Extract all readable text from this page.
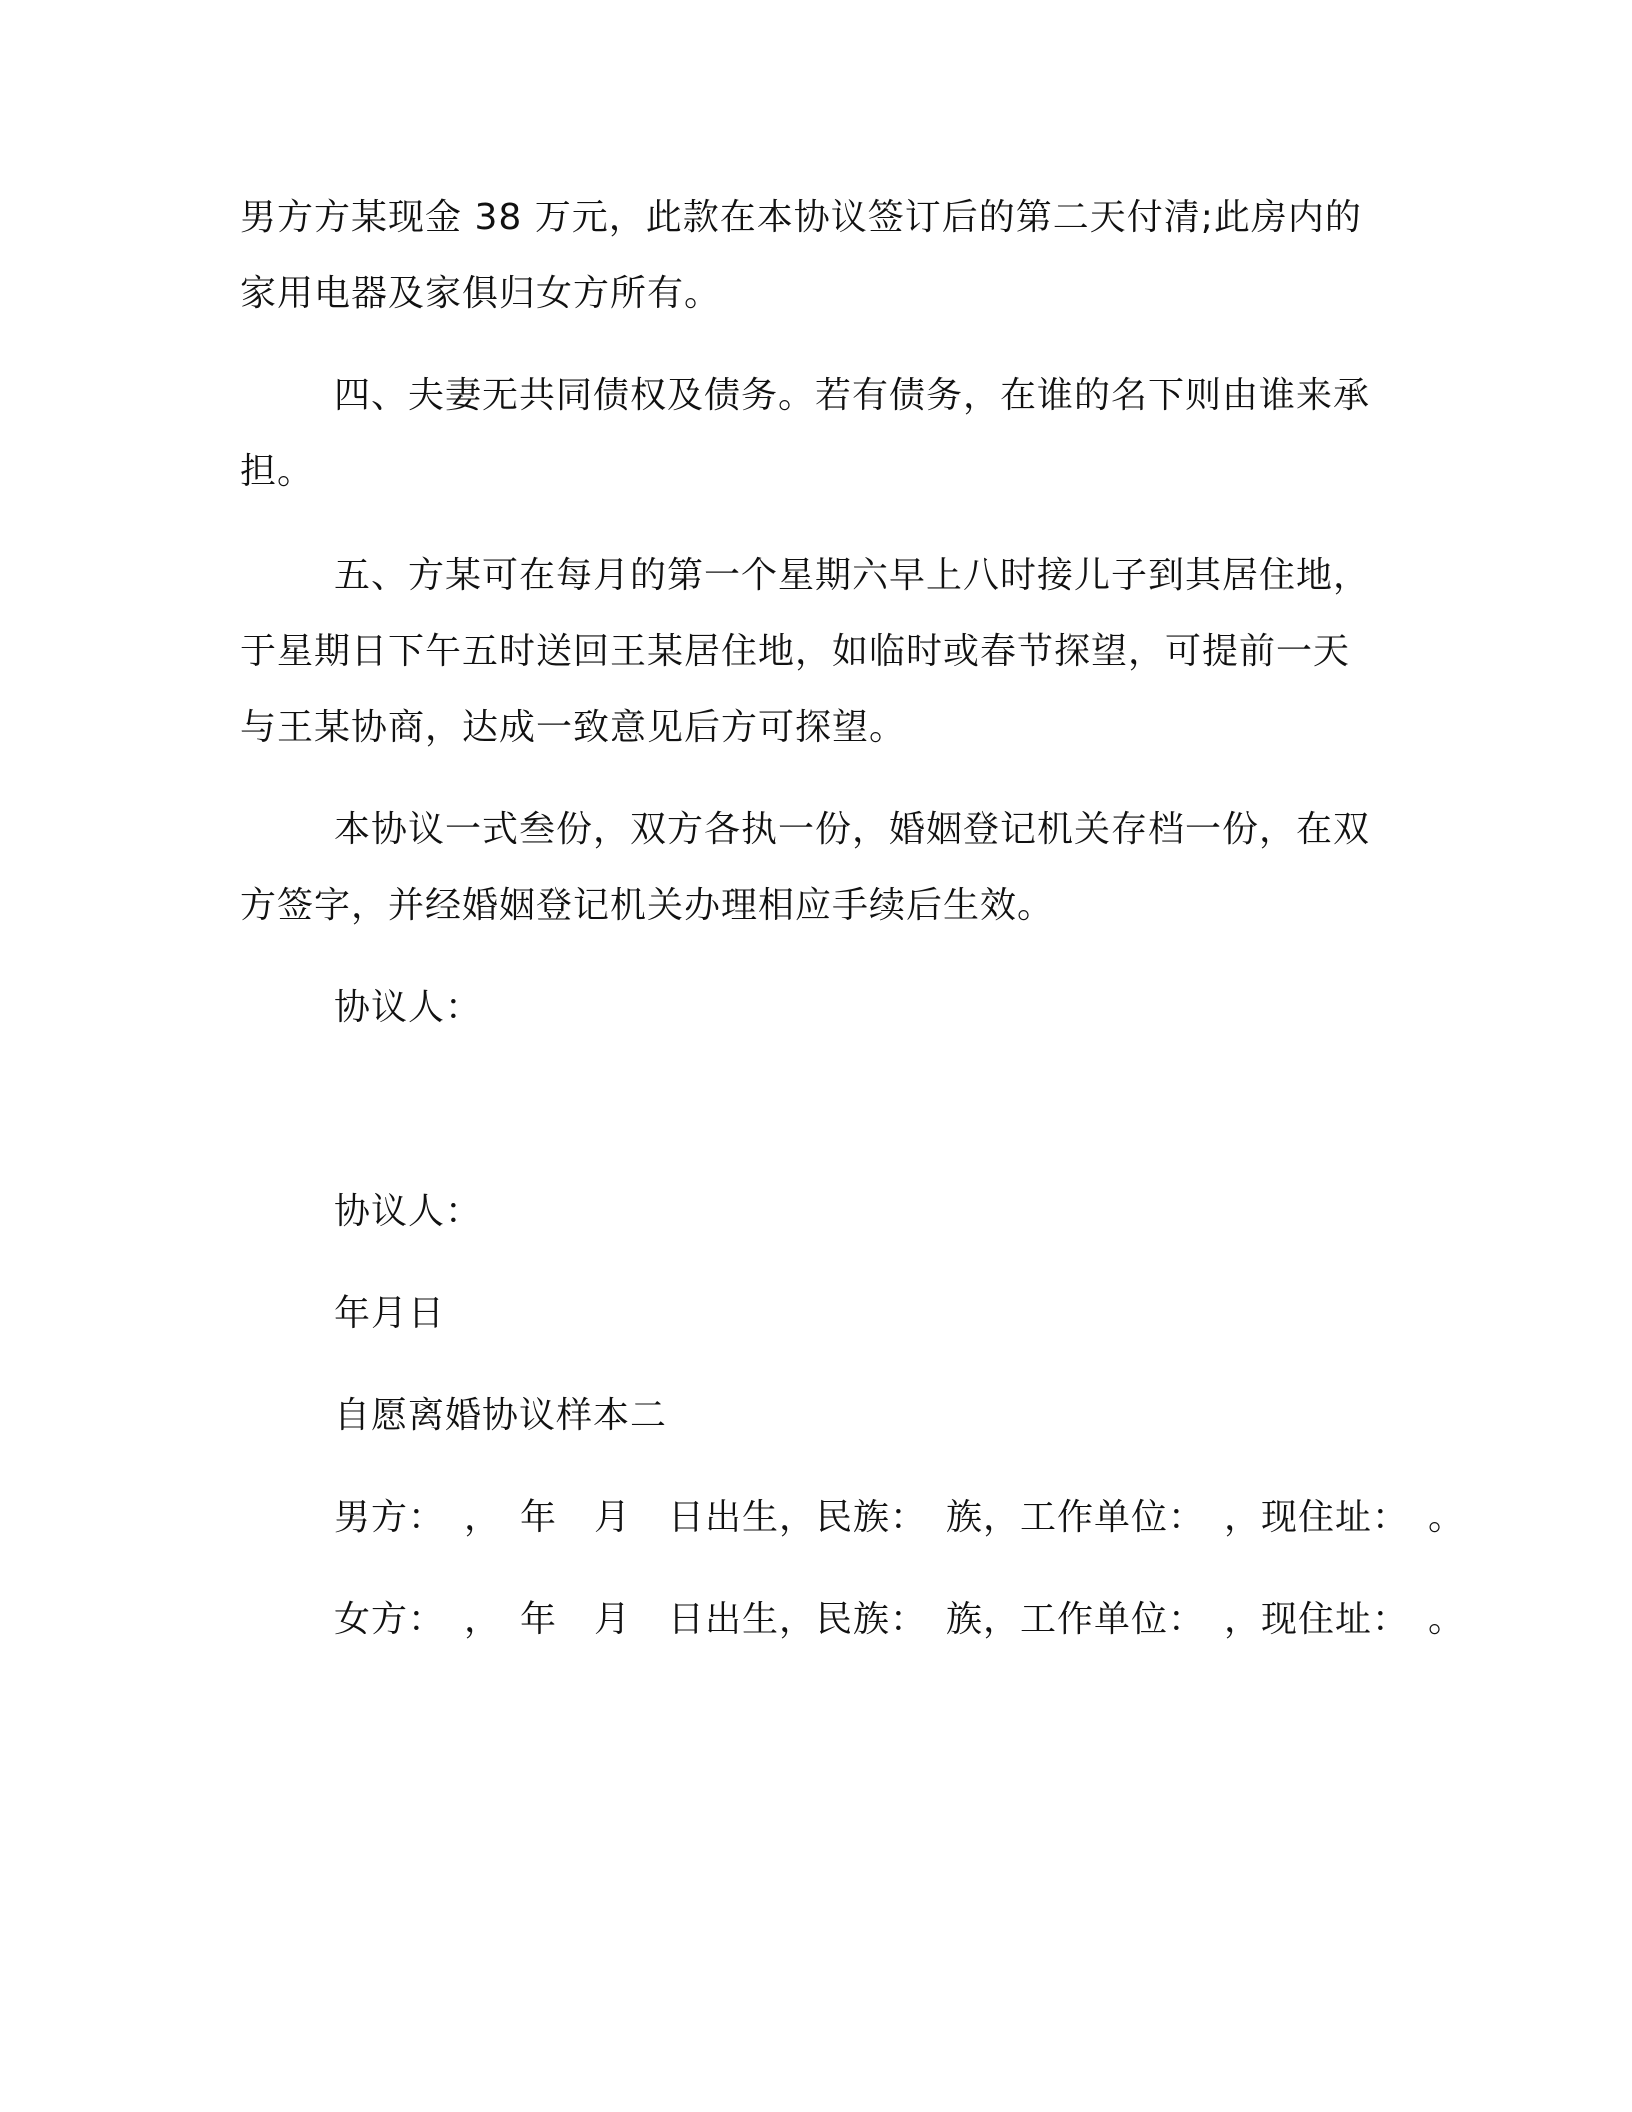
男方方某现金 38 万元，此款在本协议签订后的第二天付清;此房内的
家用电器及家俱归女方所有。
四、夫妻无共同债权及债务。若有债务，在谁的名下则由谁来承
担。
五、方某可在每月的第一个星期六早上八时接儿子到其居住地，
于星期日下午五时送回王某居住地，如临时或春节探望，可提前一天
与王某协商，达成一致意见后方可探望。
本协议一式叁份，双方各执一份，婚姻登记机关存档一份，在双
方签字，并经婚姻登记机关办理相应手续后生效。
协议人：
协议人：
年月日
自愿离婚协议样本二
男方：　，　年　月　日出生，民族：　族，工作单位：　，现住址：　。
女方：　，　年　月　日出生，民族：　族，工作单位：　，现住址：　。
